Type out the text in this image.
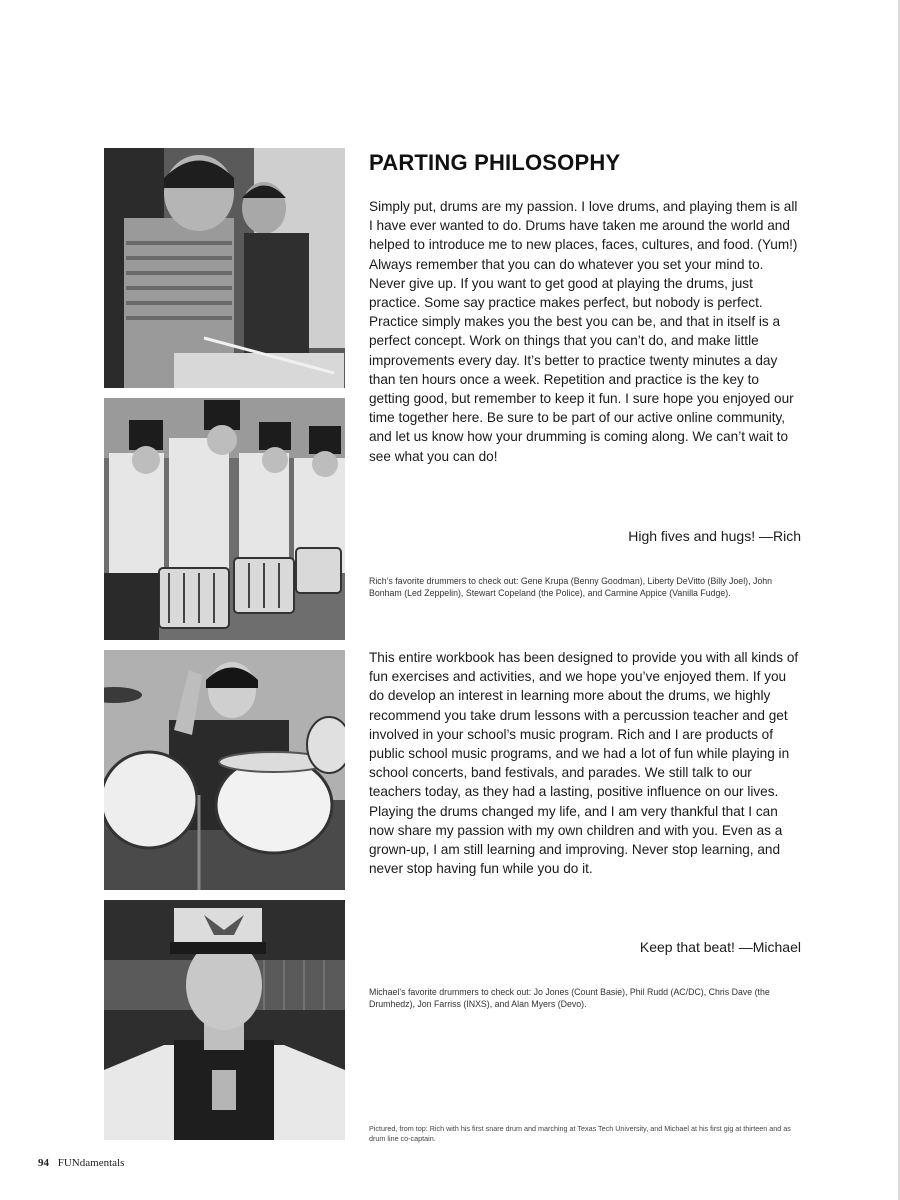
PARTING PHILOSOPHY

Simply put, drums are my passion. I love drums, and playing them is all I have ever wanted to do. Drums have taken me around the world and helped to introduce me to new places, faces, cultures, and food. (Yum!) Always remember that you can do whatever you set your mind to. Never give up. If you want to get good at playing the drums, just practice. Some say practice makes perfect, but nobody is perfect. Practice simply makes you the best you can be, and that in itself is a perfect concept. Work on things that you can’t do, and make little improvements every day. It’s better to practice twenty minutes a day than ten hours once a week. Repetition and practice is the key to getting good, but remember to keep it fun. I sure hope you enjoyed our time together here. Be sure to be part of our active online community, and let us know how your drumming is coming along. We can’t wait to see what you can do!

High fives and hugs! —Rich

Rich’s favorite drummers to check out: Gene Krupa (Benny Goodman), Liberty DeVitto (Billy Joel), John Bonham (Led Zeppelin), Stewart Copeland (the Police), and Carmine Appice (Vanilla Fudge).

This entire workbook has been designed to provide you with all kinds of fun exercises and activities, and we hope you’ve enjoyed them. If you do develop an interest in learning more about the drums, we highly recommend you take drum lessons with a percussion teacher and get involved in your school’s music program. Rich and I are products of public school music programs, and we had a lot of fun while playing in school concerts, band festivals, and parades. We still talk to our teachers today, as they had a lasting, positive influence on our lives. Playing the drums changed my life, and I am very thankful that I can now share my passion with my own children and with you. Even as a grown-up, I am still learning and improving. Never stop learning, and never stop having fun while you do it.

Keep that beat! —Michael

Michael’s favorite drummers to check out: Jo Jones (Count Basie), Phil Rudd (AC/DC), Chris Dave (the Drumhedz), Jon Farriss (INXS), and Alan Myers (Devo).

Pictured, from top: Rich with his first snare drum and marching at Texas Tech University, and Michael at his first gig at thirteen and as drum line co-captain.

94 FUNdamentals
